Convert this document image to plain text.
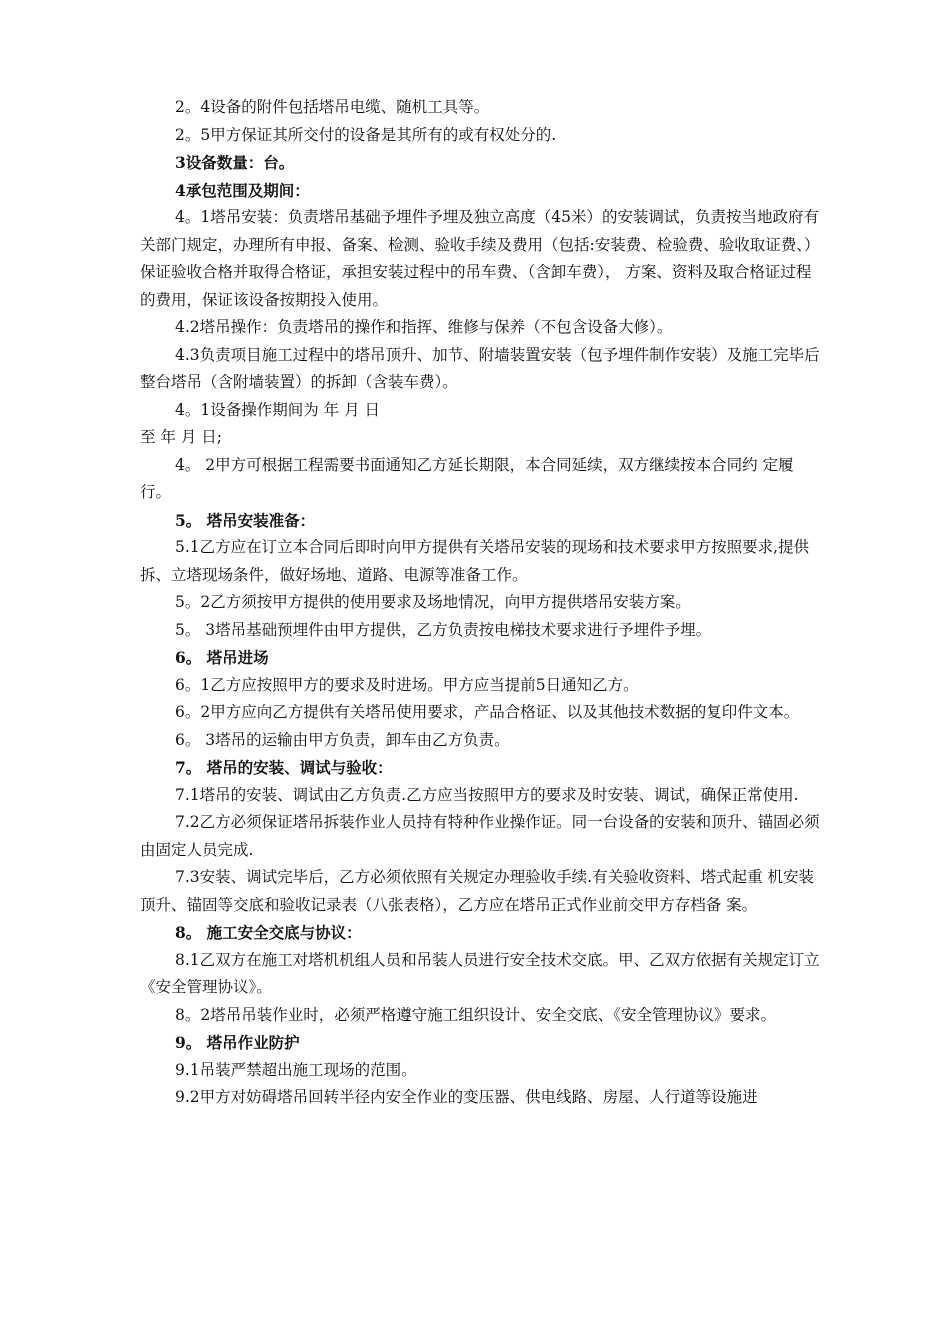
2。4设备的附件包括塔吊电缆、随机工具等。

2。5甲方保证其所交付的设备是其所有的或有权处分的.

3设备数量：台。

4承包范围及期间：

4。1塔吊安装：负责塔吊基础予埋件予埋及独立高度（45米）的安装调试，负责按当地政府有关部门规定，办理所有申报、备案、检测、验收手续及费用（包括:安装费、检验费、验收取证费、）保证验收合格并取得合格证，承担安装过程中的吊车费、（含卸车费）， 方案、资料及取合格证过程的费用，保证该设备按期投入使用。

4.2塔吊操作：负责塔吊的操作和指挥、维修与保养（不包含设备大修）。

4.3负责项目施工过程中的塔吊顶升、加节、附墙装置安装（包予埋件制作安装）及施工完毕后整台塔吊（含附墙装置）的拆卸（含装车费）。

4。1设备操作期间为 年 月 日

至 年 月 日;

4。 2甲方可根据工程需要书面通知乙方延长期限，本合同延续，双方继续按本合同约 定履行。

5。 塔吊安装准备：

5.1乙方应在订立本合同后即时向甲方提供有关塔吊安装的现场和技术要求甲方按照要求,提供拆、立塔现场条件，做好场地、道路、电源等准备工作。

5。2乙方须按甲方提供的使用要求及场地情况，向甲方提供塔吊安装方案。

5。 3塔吊基础预埋件由甲方提供，乙方负责按电梯技术要求进行予埋件予埋。

6。 塔吊进场

6。1乙方应按照甲方的要求及时进场。甲方应当提前5日通知乙方。

6。2甲方应向乙方提供有关塔吊使用要求，产品合格证、以及其他技术数据的复印件文本。

6。 3塔吊的运输由甲方负责，卸车由乙方负责。

7。 塔吊的安装、调试与验收：

7.1塔吊的安装、调试由乙方负责.乙方应当按照甲方的要求及时安装、调试，确保正常使用.

7.2乙方必须保证塔吊拆装作业人员持有特种作业操作证。同一台设备的安装和顶升、锚固必须由固定人员完成.

7.3安装、调试完毕后，乙方必须依照有关规定办理验收手续.有关验收资料、塔式起重 机安装顶升、锚固等交底和验收记录表（八张表格），乙方应在塔吊正式作业前交甲方存档备 案。

8。 施工安全交底与协议：

8.1乙双方在施工对塔机机组人员和吊装人员进行安全技术交底。甲、乙双方依据有关规定订立《安全管理协议》。

8。2塔吊吊装作业时，必须严格遵守施工组织设计、安全交底、《安全管理协议》要求。

9。 塔吊作业防护

9.1吊装严禁超出施工现场的范围。

9.2甲方对妨碍塔吊回转半径内安全作业的变压器、供电线路、房屋、人行道等设施进
